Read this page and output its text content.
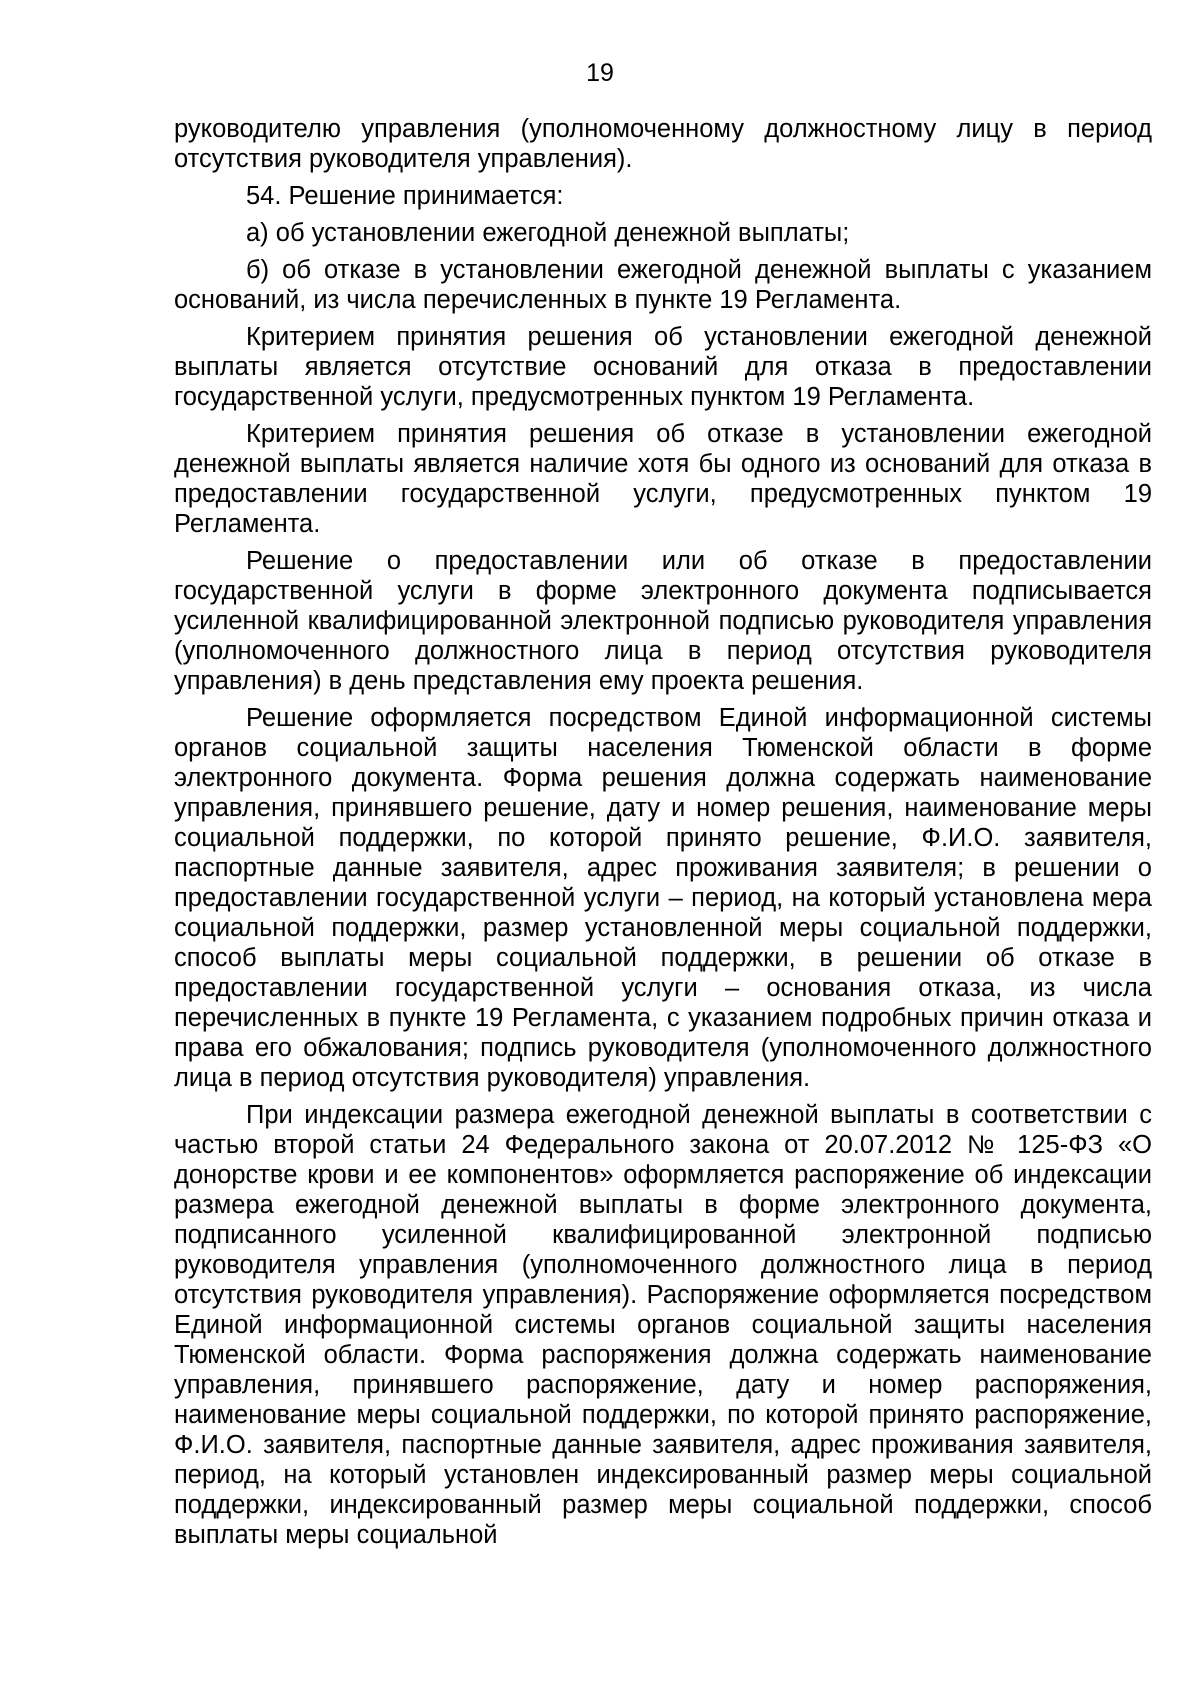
19

руководителю управления (уполномоченному должностному лицу в период отсутствия руководителя управления).

54. Решение принимается:

а) об установлении ежегодной денежной выплаты;

б) об отказе в установлении ежегодной денежной выплаты с указанием оснований, из числа перечисленных в пункте 19 Регламента.

Критерием принятия решения об установлении ежегодной денежной выплаты является отсутствие оснований для отказа в предоставлении государственной услуги, предусмотренных пунктом 19 Регламента.

Критерием принятия решения об отказе в установлении ежегодной денежной выплаты является наличие хотя бы одного из оснований для отказа в предоставлении государственной услуги, предусмотренных пунктом 19 Регламента.

Решение о предоставлении или об отказе в предоставлении государственной услуги в форме электронного документа подписывается усиленной квалифицированной электронной подписью руководителя управления (уполномоченного должностного лица в период отсутствия руководителя управления) в день представления ему проекта решения.

Решение оформляется посредством Единой информационной системы органов социальной защиты населения Тюменской области в форме электронного документа. Форма решения должна содержать наименование управления, принявшего решение, дату и номер решения, наименование меры социальной поддержки, по которой принято решение, Ф.И.О. заявителя, паспортные данные заявителя, адрес проживания заявителя; в решении о предоставлении государственной услуги – период, на который установлена мера социальной поддержки, размер установленной меры социальной поддержки, способ выплаты меры социальной поддержки, в решении об отказе в предоставлении государственной услуги – основания отказа, из числа перечисленных в пункте 19 Регламента, с указанием подробных причин отказа и права его обжалования; подпись руководителя (уполномоченного должностного лица в период отсутствия руководителя) управления.

При индексации размера ежегодной денежной выплаты в соответствии с частью второй статьи 24 Федерального закона от 20.07.2012 № 125-ФЗ «О донорстве крови и ее компонентов» оформляется распоряжение об индексации размера ежегодной денежной выплаты в форме электронного документа, подписанного усиленной квалифицированной электронной подписью руководителя управления (уполномоченного должностного лица в период отсутствия руководителя управления). Распоряжение оформляется посредством Единой информационной системы органов социальной защиты населения Тюменской области. Форма распоряжения должна содержать наименование управления, принявшего распоряжение, дату и номер распоряжения, наименование меры социальной поддержки, по которой принято распоряжение, Ф.И.О. заявителя, паспортные данные заявителя, адрес проживания заявителя, период, на который установлен индексированный размер меры социальной поддержки, индексированный размер меры социальной поддержки, способ выплаты меры социальной
